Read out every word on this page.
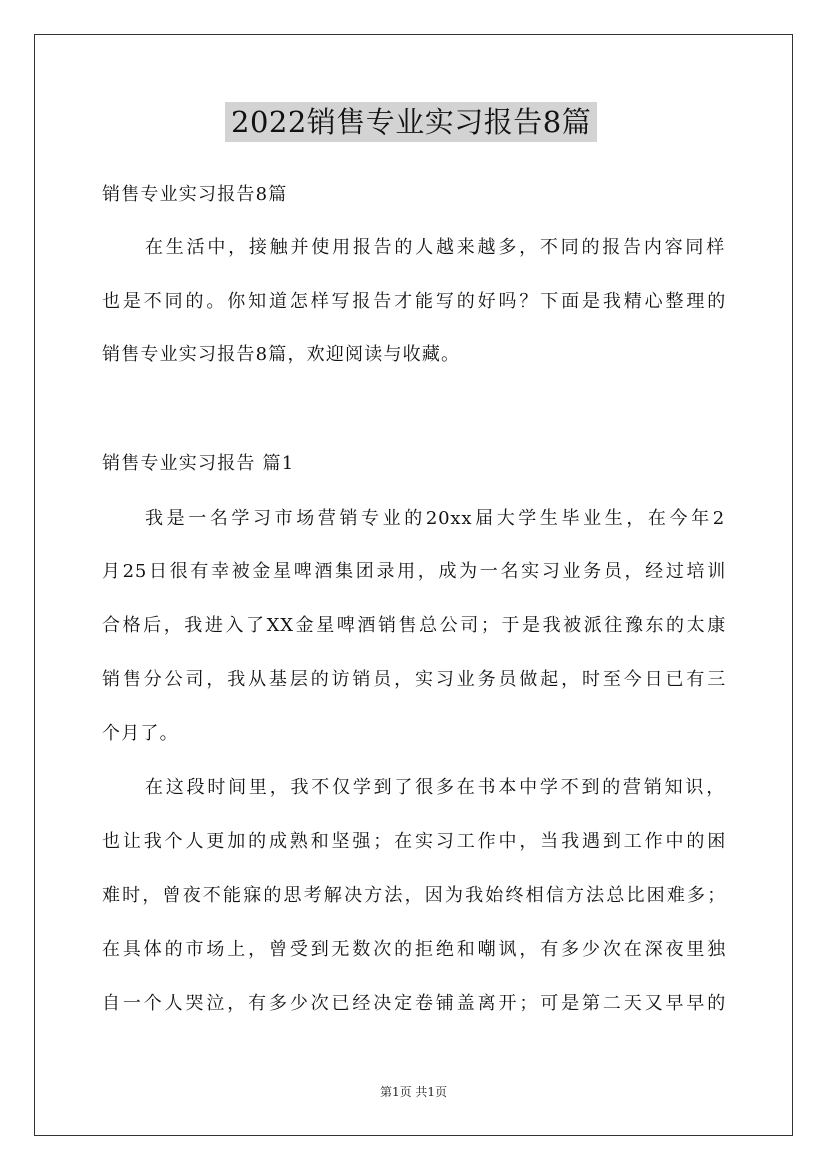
2022销售专业实习报告8篇
销售专业实习报告8篇
在生活中，接触并使用报告的人越来越多，不同的报告内容同样
也是不同的。你知道怎样写报告才能写的好吗？下面是我精心整理的
销售专业实习报告8篇，欢迎阅读与收藏。
销售专业实习报告 篇1
我是一名学习市场营销专业的20xx届大学生毕业生，在今年2
月25日很有幸被金星啤酒集团录用，成为一名实习业务员，经过培训
合格后，我进入了XX金星啤酒销售总公司；于是我被派往豫东的太康
销售分公司，我从基层的访销员，实习业务员做起，时至今日已有三
个月了。
在这段时间里，我不仅学到了很多在书本中学不到的营销知识，
也让我个人更加的成熟和坚强；在实习工作中，当我遇到工作中的困
难时，曾夜不能寐的思考解决方法，因为我始终相信方法总比困难多；
在具体的市场上，曾受到无数次的拒绝和嘲讽，有多少次在深夜里独
自一个人哭泣，有多少次已经决定卷铺盖离开；可是第二天又早早的
第1页 共1页
